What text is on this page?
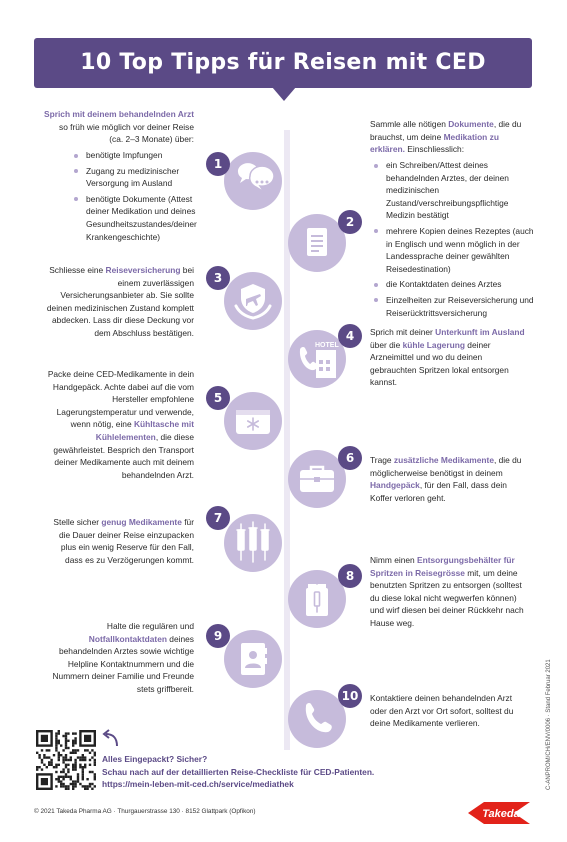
10 Top Tipps für Reisen mit CED
Sprich mit deinem behandelnden Arzt so früh wie möglich vor deiner Reise (ca. 2–3 Monate) über:
benötigte Impfungen
Zugang zu medizinischer Versorgung im Ausland
benötigte Dokumente (Attest deiner Medikation und deines Gesundheitszustandes/deiner Krankengeschichte)
1
Sammle alle nötigen Dokumente, die du brauchst, um deine Medikation zu erklären. Einschliesslich:
ein Schreiben/Attest deines behandelnden Arztes, der deinen medizinischen Zustand/verschreibungspflichtige Medizin bestätigt
mehrere Kopien deines Rezeptes (auch in Englisch und wenn möglich in der Landessprache deiner gewählten Reisedestination)
die Kontaktdaten deines Arztes
Einzelheiten zur Reiseversicherung und Reiserücktrittsversicherung
2
Schliesse eine Reiseversicherung bei einem zuverlässigen Versicherungsanbieter ab. Sie sollte deinen medizinischen Zustand komplett abdecken. Lass dir diese Deckung vor dem Abschluss bestätigen.
3
Sprich mit deiner Unterkunft im Ausland über die kühle Lagerung deiner Arzneimittel und wo du deinen gebrauchten Spritzen lokal entsorgen kannst.
HOTEL
4
Packe deine CED-Medikamente in dein Handgepäck. Achte dabei auf die vom Hersteller empfohlene Lagerungstemperatur und verwende, wenn nötig, eine Kühltasche mit Kühlelementen, die diese gewährleistet. Besprich den Transport deiner Medikamente auch mit deinem behandelnden Arzt.
5
Trage zusätzliche Medikamente, die du möglicherweise benötigst in deinem Handgepäck, für den Fall, dass dein Koffer verloren geht.
6
Stelle sicher genug Medikamente für die Dauer deiner Reise einzupacken plus ein wenig Reserve für den Fall, dass es zu Verzögerungen kommt.
7
Nimm einen Entsorgungsbehälter für Spritzen in Reisegrösse mit, um deine benutzten Spritzen zu entsorgen (solltest du diese lokal nicht wegwerfen können) und wirf diesen bei deiner Rückkehr nach Hause weg.
8
Halte die regulären und Notfallkontaktdaten deines behandelnden Arztes sowie wichtige Helpline Kontaktnummern und die Nummern deiner Familie und Freunde stets griffbereit.
9
Kontaktiere deinen behandelnden Arzt oder den Arzt vor Ort sofort, solltest du deine Medikamente verlieren.
10
Alles Eingepackt? Sicher?
Schau nach auf der detaillierten Reise-Checkliste für CED-Patienten.
https://mein-leben-mit-ced.ch/service/mediathek
© 2021 Takeda Pharma AG · Thurgauerstrasse 130 · 8152 Glattpark (Opfikon)
C-ANPROM/CH/ENV/0006 · Stand Februar 2021
Takeda
